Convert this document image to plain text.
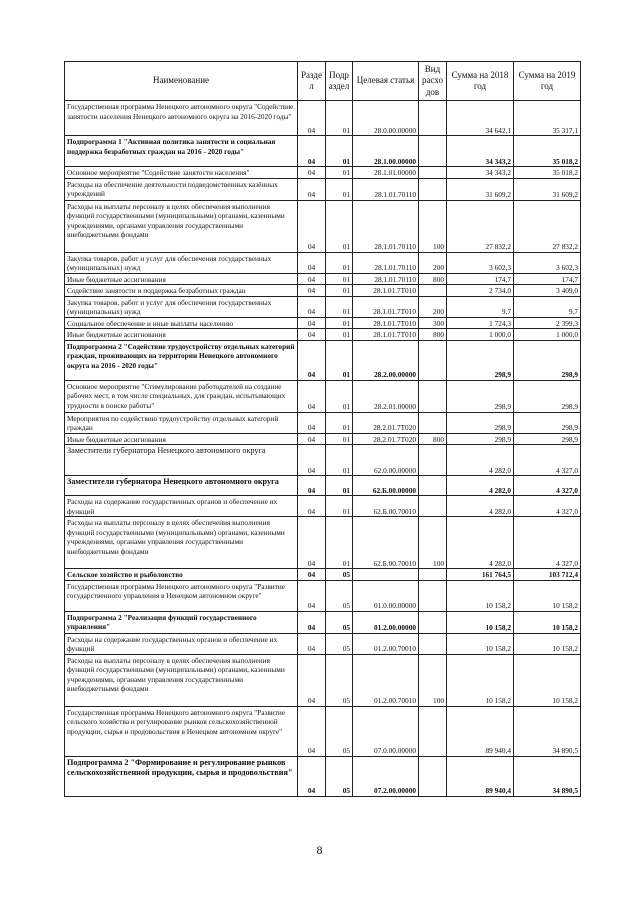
Наименование	Разде л	Подр аздел	Целевая статья	Вид расхо дов	Сумма на 2018 год	Сумма на 2019 год
Государственная программа Ненецкого автономного округа "Содействие занятости населения Ненецкого автономного округа на 2016-2020 годы"	04	01	28.0.00.00000		34 642,1	35 317,1
Подпрограмма 1 "Активная политика занятости и социальная поддержка безработных граждан на 2016 - 2020 годы"	04	01	28.1.00.00000		34 343,2	35 018,2
Основное мероприятие "Содействие занятости населения"	04	01	28.1.01.00000		34 343,2	35 018,2
Расходы на обеспечение деятельности подведомственных казённых учреждений	04	01	28.1.01.70110		31 609,2	31 609,2
Расходы на выплаты персоналу в целях обеспечения выполнения функций государственными (муниципальными) органами, казенными учреждениями, органами управления государственными внебюджетными фондами	04	01	28.1.01.70110	100	27 832,2	27 832,2
Закупка товаров, работ и услуг для обеспечения государственных (муниципальных) нужд	04	01	28.1.01.70110	200	3 602,3	3 602,3
Иные бюджетные ассигнования	04	01	28.1.01.70110	800	174,7	174,7
Содействие занятости и поддержка безработных граждан	04	01	28.1.01.7Т010		2 734,0	3 409,0
Закупка товаров, работ и услуг для обеспечения государственных (муниципальных) нужд	04	01	28.1.01.7Т010	200	9,7	9,7
Социальное обеспечение и иные выплаты населению	04	01	28.1.01.7Т010	300	1 724,3	2 399,3
Иные бюджетные ассигнования	04	01	28.1.01.7Т010	800	1 000,0	1 000,0
Подпрограмма 2 "Содействие трудоустройству отдельных категорий граждан, проживающих на территории Ненецкого автономного округа на 2016 - 2020 годы"	04	01	28.2.00.00000		298,9	298,9
Основное мероприятие "Стимулирование работодателей на создание рабочих мест, в том числе специальных, для граждан, испытывающих трудности в поиске работы"	04	01	28.2.01.00000		298,9	298,9
Мероприятия по содействию трудоустройству отдельных категорий граждан	04	01	28.2.01.7Т020		298,9	298,9
Иные бюджетные ассигнования	04	01	28.2.01.7Т020	800	298,9	298,9
Заместители губернатора Ненецкого автономного округа	04	01	62.0.00.00000		4 282,0	4 327,0
Заместители губернатора Ненецкого автономного округа	04	01	62.Б.00.00000		4 282,0	4 327,0
Расходы на содержание государственных органов и обеспечение их функций	04	01	62.Б.00.70010		4 282,0	4 327,0
Расходы на выплаты персоналу в целях обеспечения выполнения функций государственными (муниципальными) органами, казенными учреждениями, органами управления государственными внебюджетными фондами	04	01	62.Б.00.70010	100	4 282,0	4 327,0
Сельское хозяйство и рыболовство	04	05			161 764,5	103 712,4
Государственная программа Ненецкого автономного округа "Развитие государственного управления в Ненецком автономном округе"	04	05	01.0.00.00000		10 158,2	10 158,2
Подпрограмма 2 "Реализация функций государственного управления"	04	05	01.2.00.00000		10 158,2	10 158,2
Расходы на содержание государственных органов и обеспечение их функций	04	05	01.2.00.70010		10 158,2	10 158,2
Расходы на выплаты персоналу в целях обеспечения выполнения функций государственными (муниципальными) органами, казенными учреждениями, органами управления государственными внебюджетными фондами	04	05	01.2.00.70010	100	10 158,2	10 158,2
Государственная программа Ненецкого автономного округа "Развитие сельского хозяйства и регулирование рынков сельскохозяйственной продукции, сырья и продовольствия в Ненецком автономном округе"	04	05	07.0.00.00000		89 940,4	34 890,5
Подпрограмма 2 "Формирование и регулирование рынков сельскохозяйственной продукции, сырья и продовольствия"	04	05	07.2.00.00000		89 940,4	34 890,5
8
